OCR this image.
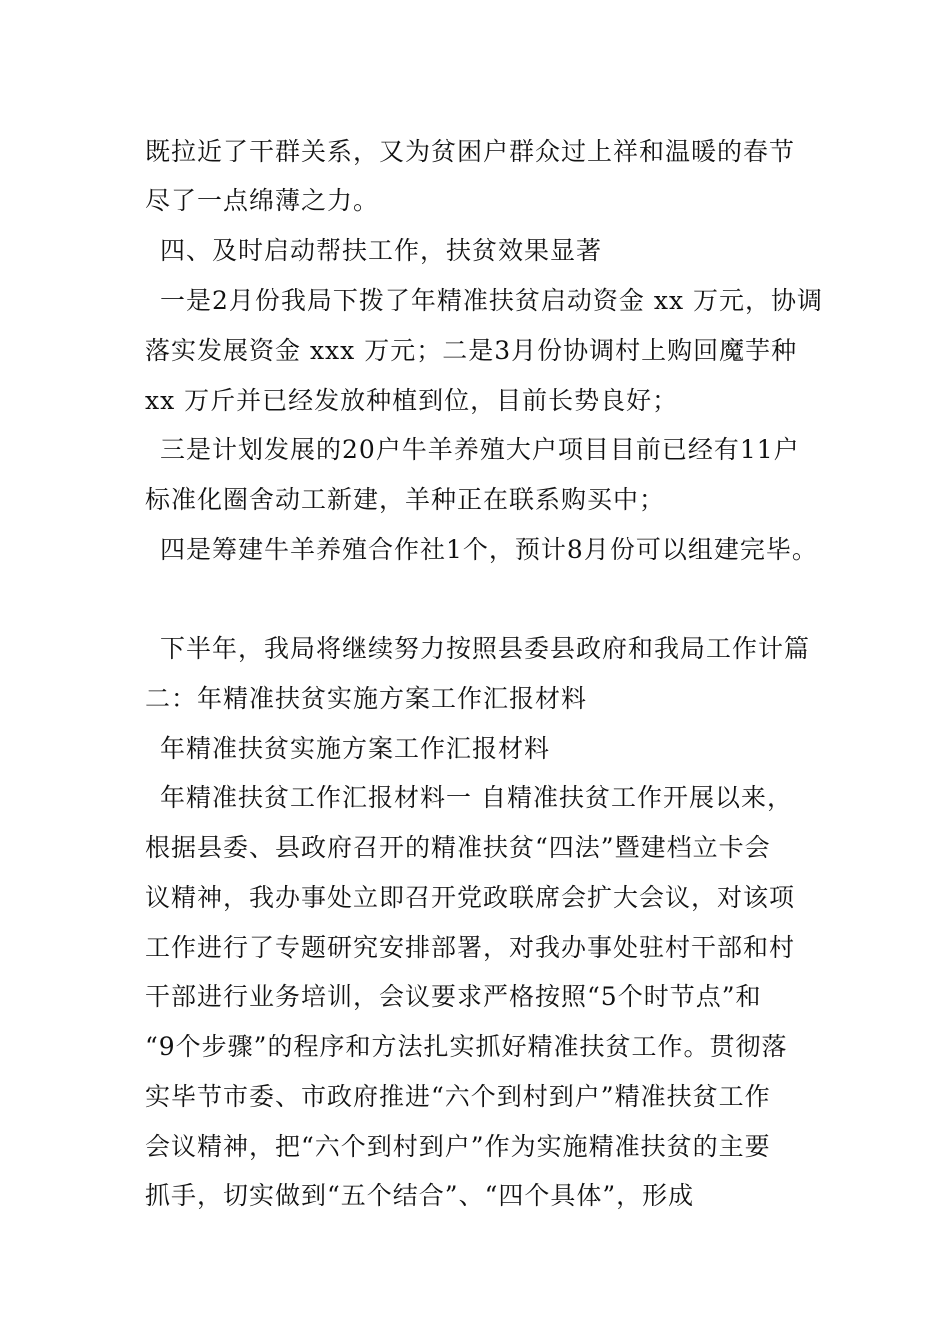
既拉近了干群关系，又为贫困户群众过上祥和温暖的春节
尽了一点绵薄之力。
四、及时启动帮扶工作，扶贫效果显著
一是2月份我局下拨了年精准扶贫启动资金 xx 万元，协调
落实发展资金 xxx 万元；二是3月份协调村上购回魔芋种
xx 万斤并已经发放种植到位，目前长势良好；
三是计划发展的20户牛羊养殖大户项目目前已经有11户
标准化圈舍动工新建，羊种正在联系购买中；
四是筹建牛羊养殖合作社1个，预计8月份可以组建完毕。
下半年，我局将继续努力按照县委县政府和我局工作计篇
二：年精准扶贫实施方案工作汇报材料
年精准扶贫实施方案工作汇报材料
年精准扶贫工作汇报材料一 自精准扶贫工作开展以来，
根据县委、县政府召开的精准扶贫“四法”暨建档立卡会
议精神，我办事处立即召开党政联席会扩大会议，对该项
工作进行了专题研究安排部署，对我办事处驻村干部和村
干部进行业务培训，会议要求严格按照“5个时节点”和
“9个步骤”的程序和方法扎实抓好精准扶贫工作。贯彻落
实毕节市委、市政府推进“六个到村到户”精准扶贫工作
会议精神，把“六个到村到户”作为实施精准扶贫的主要
抓手，切实做到“五个结合”、“四个具体”，形成
